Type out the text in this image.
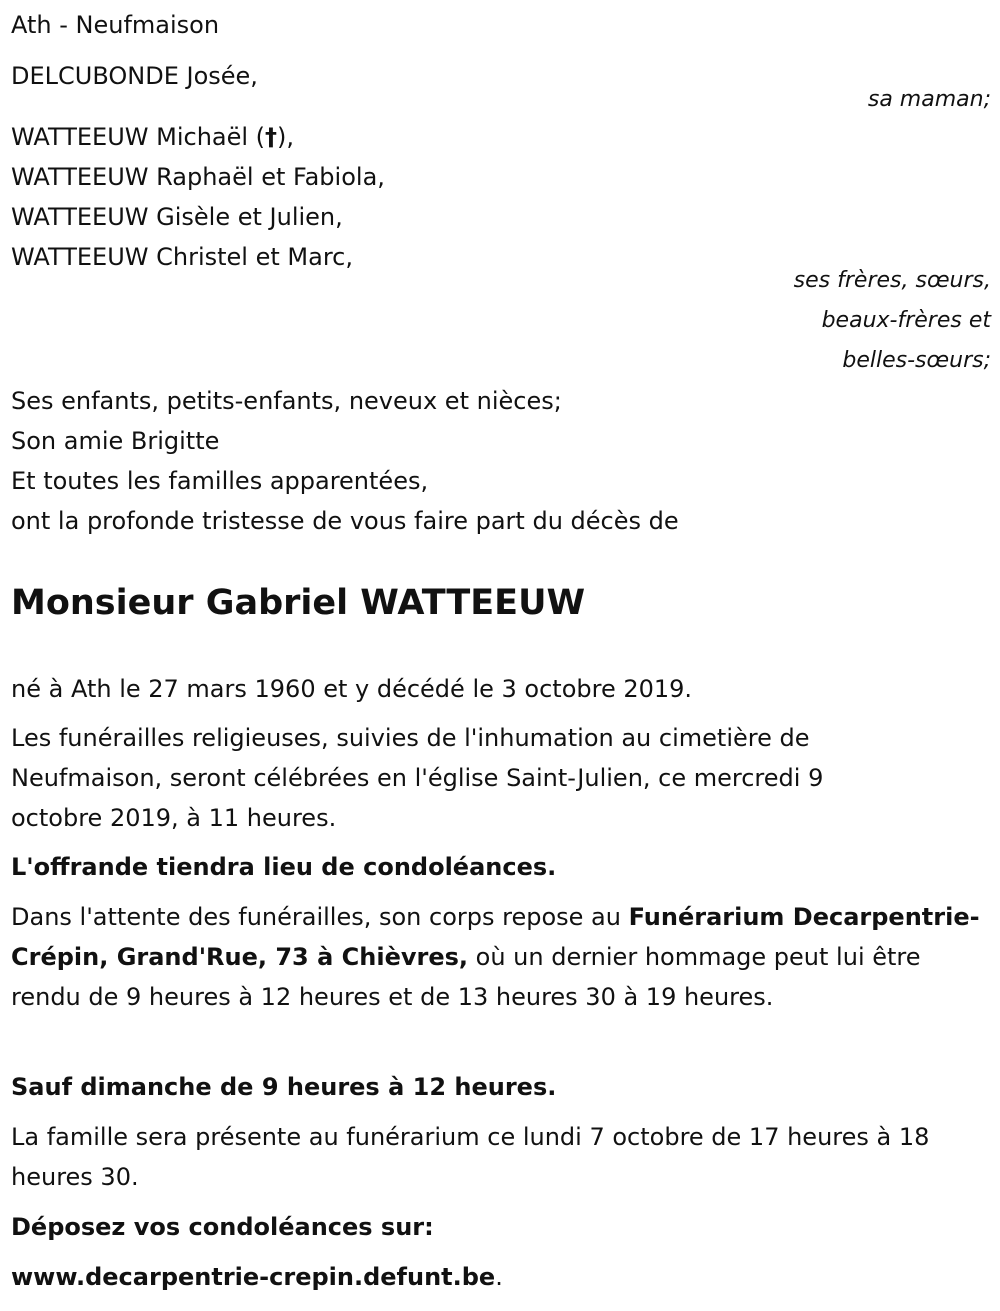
Ath - Neufmaison
DELCUBONDE Josée,
sa maman;
WATTEEUW Michaël (†),
WATTEEUW Raphaël et Fabiola,
WATTEEUW Gisèle et Julien,
WATTEEUW Christel et Marc,
ses frères, sœurs,
beaux-frères et
belles-sœurs;
Ses enfants, petits-enfants, neveux et nièces;
Son amie Brigitte
Et toutes les familles apparentées,
ont la profonde tristesse de vous faire part du décès de
Monsieur Gabriel WATTEEUW
né à Ath le 27 mars 1960 et y décédé le 3 octobre 2019.
Les funérailles religieuses, suivies de l'inhumation au cimetière de Neufmaison, seront célébrées en l'église Saint-Julien, ce mercredi 9 octobre 2019, à 11 heures.
L'offrande tiendra lieu de condoléances.
Dans l'attente des funérailles, son corps repose au Funérarium Decarpentrie-Crépin, Grand'Rue, 73 à Chièvres, où un dernier hommage peut lui être rendu de 9 heures à 12 heures et de 13 heures 30 à 19 heures.
Sauf dimanche de 9 heures à 12 heures.
La famille sera présente au funérarium ce lundi 7 octobre de 17 heures à 18 heures 30.
Déposez vos condoléances sur:
www.decarpentrie-crepin.defunt.be.
